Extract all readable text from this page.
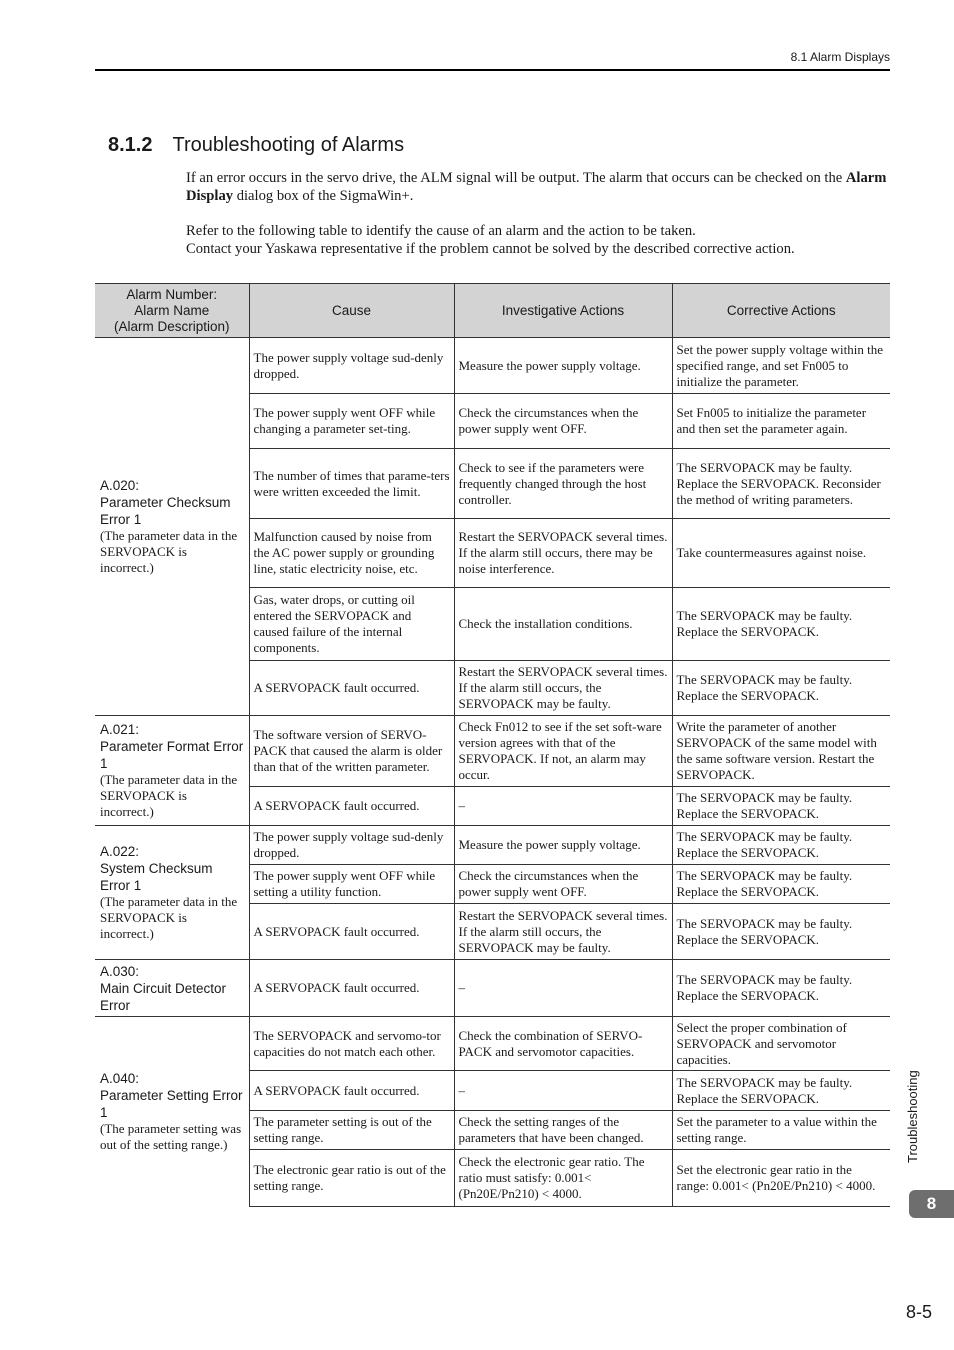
8.1 Alarm Displays
8.1.2 Troubleshooting of Alarms

If an error occurs in the servo drive, the ALM signal will be output. The alarm that occurs can be checked on the Alarm Display dialog box of the SigmaWin+.

Refer to the following table to identify the cause of an alarm and the action to be taken.

Contact your Yaskawa representative if the problem cannot be solved by the described corrective action.

Alarm Number:
Alarm Name
(Alarm Description)	Cause	Investigative Actions	Corrective Actions

A.020:
Parameter Checksum Error 1
(The parameter data in the SERVOPACK is incorrect.)	The power supply voltage sud-denly dropped.	Measure the power supply voltage.	Set the power supply voltage within the specified range, and set Fn005 to initialize the parameter.
	The power supply went OFF while changing a parameter set-ting.	Check the circumstances when the power supply went OFF.	Set Fn005 to initialize the parameter and then set the parameter again.
	The number of times that parame-ters were written exceeded the limit.	Check to see if the parameters were frequently changed through the host controller.	The SERVOPACK may be faulty. Replace the SERVOPACK. Reconsider the method of writing parameters.
	Malfunction caused by noise from the AC power supply or grounding line, static electricity noise, etc.	Restart the SERVOPACK several times. If the alarm still occurs, there may be noise interference.	Take countermeasures against noise.
	Gas, water drops, or cutting oil entered the SERVOPACK and caused failure of the internal components.	Check the installation conditions.	The SERVOPACK may be faulty. Replace the SERVOPACK.
	A SERVOPACK fault occurred.	Restart the SERVOPACK several times. If the alarm still occurs, the SERVOPACK may be faulty.	The SERVOPACK may be faulty. Replace the SERVOPACK.

A.021:
Parameter Format Error 1
(The parameter data in the SERVOPACK is incorrect.)	The software version of SERVO-PACK that caused the alarm is older than that of the written parameter.	Check Fn012 to see if the set soft-ware version agrees with that of the SERVOPACK. If not, an alarm may occur.	Write the parameter of another SERVOPACK of the same model with the same software version. Restart the SERVOPACK.
	A SERVOPACK fault occurred.	–	The SERVOPACK may be faulty. Replace the SERVOPACK.

A.022:
System Checksum Error 1
(The parameter data in the SERVOPACK is incorrect.)	The power supply voltage sud-denly dropped.	Measure the power supply voltage.	The SERVOPACK may be faulty. Replace the SERVOPACK.
	The power supply went OFF while setting a utility function.	Check the circumstances when the power supply went OFF.	The SERVOPACK may be faulty. Replace the SERVOPACK.
	A SERVOPACK fault occurred.	Restart the SERVOPACK several times. If the alarm still occurs, the SERVOPACK may be faulty.	The SERVOPACK may be faulty. Replace the SERVOPACK.

A.030:
Main Circuit Detector Error	A SERVOPACK fault occurred.	–	The SERVOPACK may be faulty. Replace the SERVOPACK.

A.040:
Parameter Setting Error 1
(The parameter setting was out of the setting range.)	The SERVOPACK and servomo-tor capacities do not match each other.	Check the combination of SERVO-PACK and servomotor capacities.	Select the proper combination of SERVOPACK and servomotor capacities.
	A SERVOPACK fault occurred.	–	The SERVOPACK may be faulty. Replace the SERVOPACK.
	The parameter setting is out of the setting range.	Check the setting ranges of the parameters that have been changed.	Set the parameter to a value within the setting range.
	The electronic gear ratio is out of the setting range.	Check the electronic gear ratio. The ratio must satisfy: 0.001< (Pn20E/Pn210) < 4000.	Set the electronic gear ratio in the range: 0.001< (Pn20E/Pn210) < 4000.
Troubleshooting
8
8-5
